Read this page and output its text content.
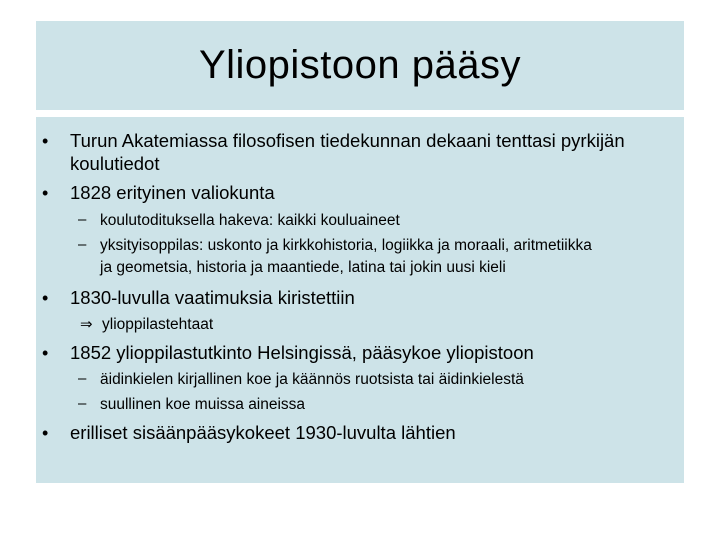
Yliopistoon pääsy
• Turun Akatemiassa filosofisen tiedekunnan dekaani tenttasi pyrkijän
koulutiedot
• 1828 erityinen valiokunta
– koulutodituksella hakeva: kaikki kouluaineet
– yksityisoppilas: uskonto ja kirkkohistoria, logiikka ja moraali, aritmetiikka
ja geometsia, historia ja maantiede, latina tai jokin uusi kieli
• 1830-luvulla vaatimuksia kiristettiin
⇒ ylioppilastehtaat
• 1852 ylioppilastutkinto Helsingissä, pääsykoe yliopistoon
– äidinkielen kirjallinen koe ja käännös ruotsista tai äidinkielestä
– suullinen koe muissa aineissa
• erilliset sisäänpääsykokeet 1930-luvulta lähtien
